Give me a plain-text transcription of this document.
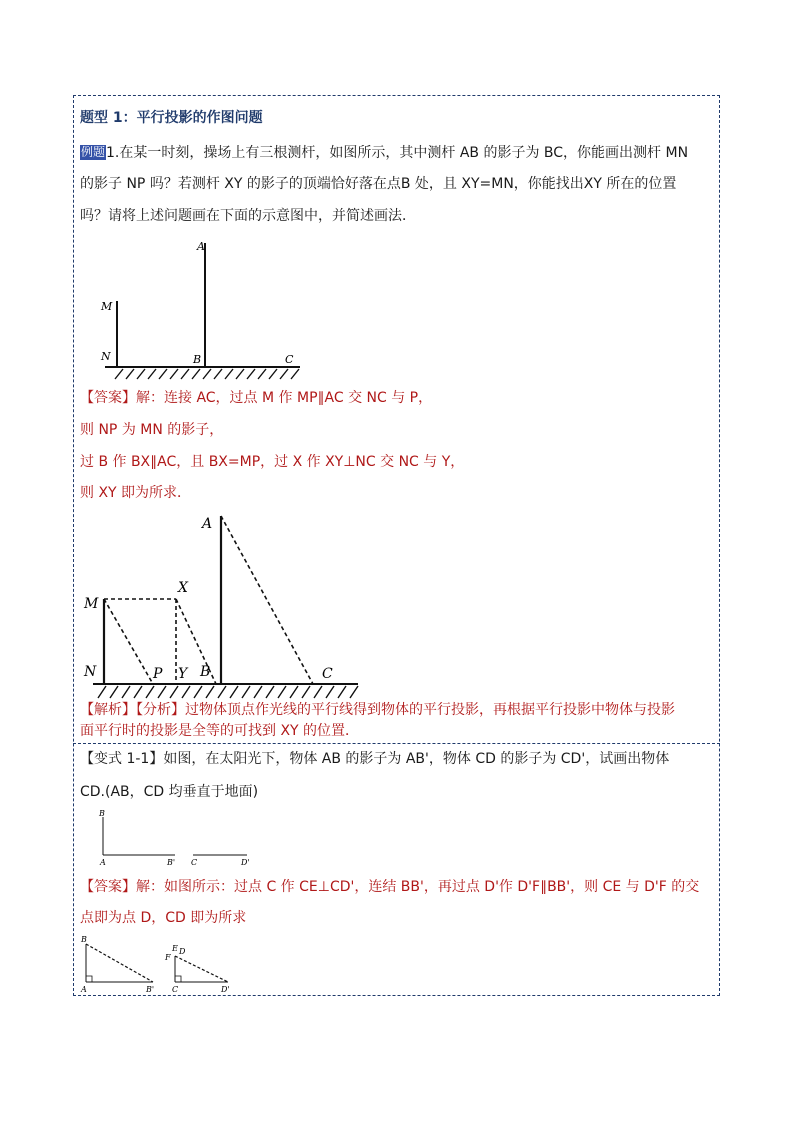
题型 1：平行投影的作图问题
例题1.在某一时刻，操场上有三根测杆，如图所示，其中测杆 AB 的影子为 BC，你能画出测杆 MN
的影子 NP 吗？若测杆 XY 的影子的顶端恰好落在点B 处，且 XY=MN，你能找出XY 所在的位置
吗？请将上述问题画在下面的示意图中，并简述画法．
A
M
N	B	C
【答案】解：连接 AC，过点 M 作 MP∥AC 交 NC 与 P，
则 NP 为 MN 的影子，
过 B 作 BX∥AC，且 BX=MP，过 X 作 XY⊥NC 交 NC 与 Y，
则 XY 即为所求．
A
X
M
N	P Y B	C
【解析】【分析】过物体顶点作光线的平行线得到物体的平行投影，再根据平行投影中物体与投影
面平行时的投影是全等的可找到 XY 的位置．
【变式 1-1】如图，在太阳光下，物体 AB 的影子为 AB'，物体 CD 的影子为 CD'，试画出物体
CD.(AB，CD 均垂直于地面)
B
A	B' C	D'
【答案】解：如图所示：过点 C 作 CE⊥CD'，连结 BB'，再过点 D'作 D'F∥BB'，则 CE 与 D'F 的交
点即为点 D，CD 即为所求
B
A	B'
E D
F
C	D'
